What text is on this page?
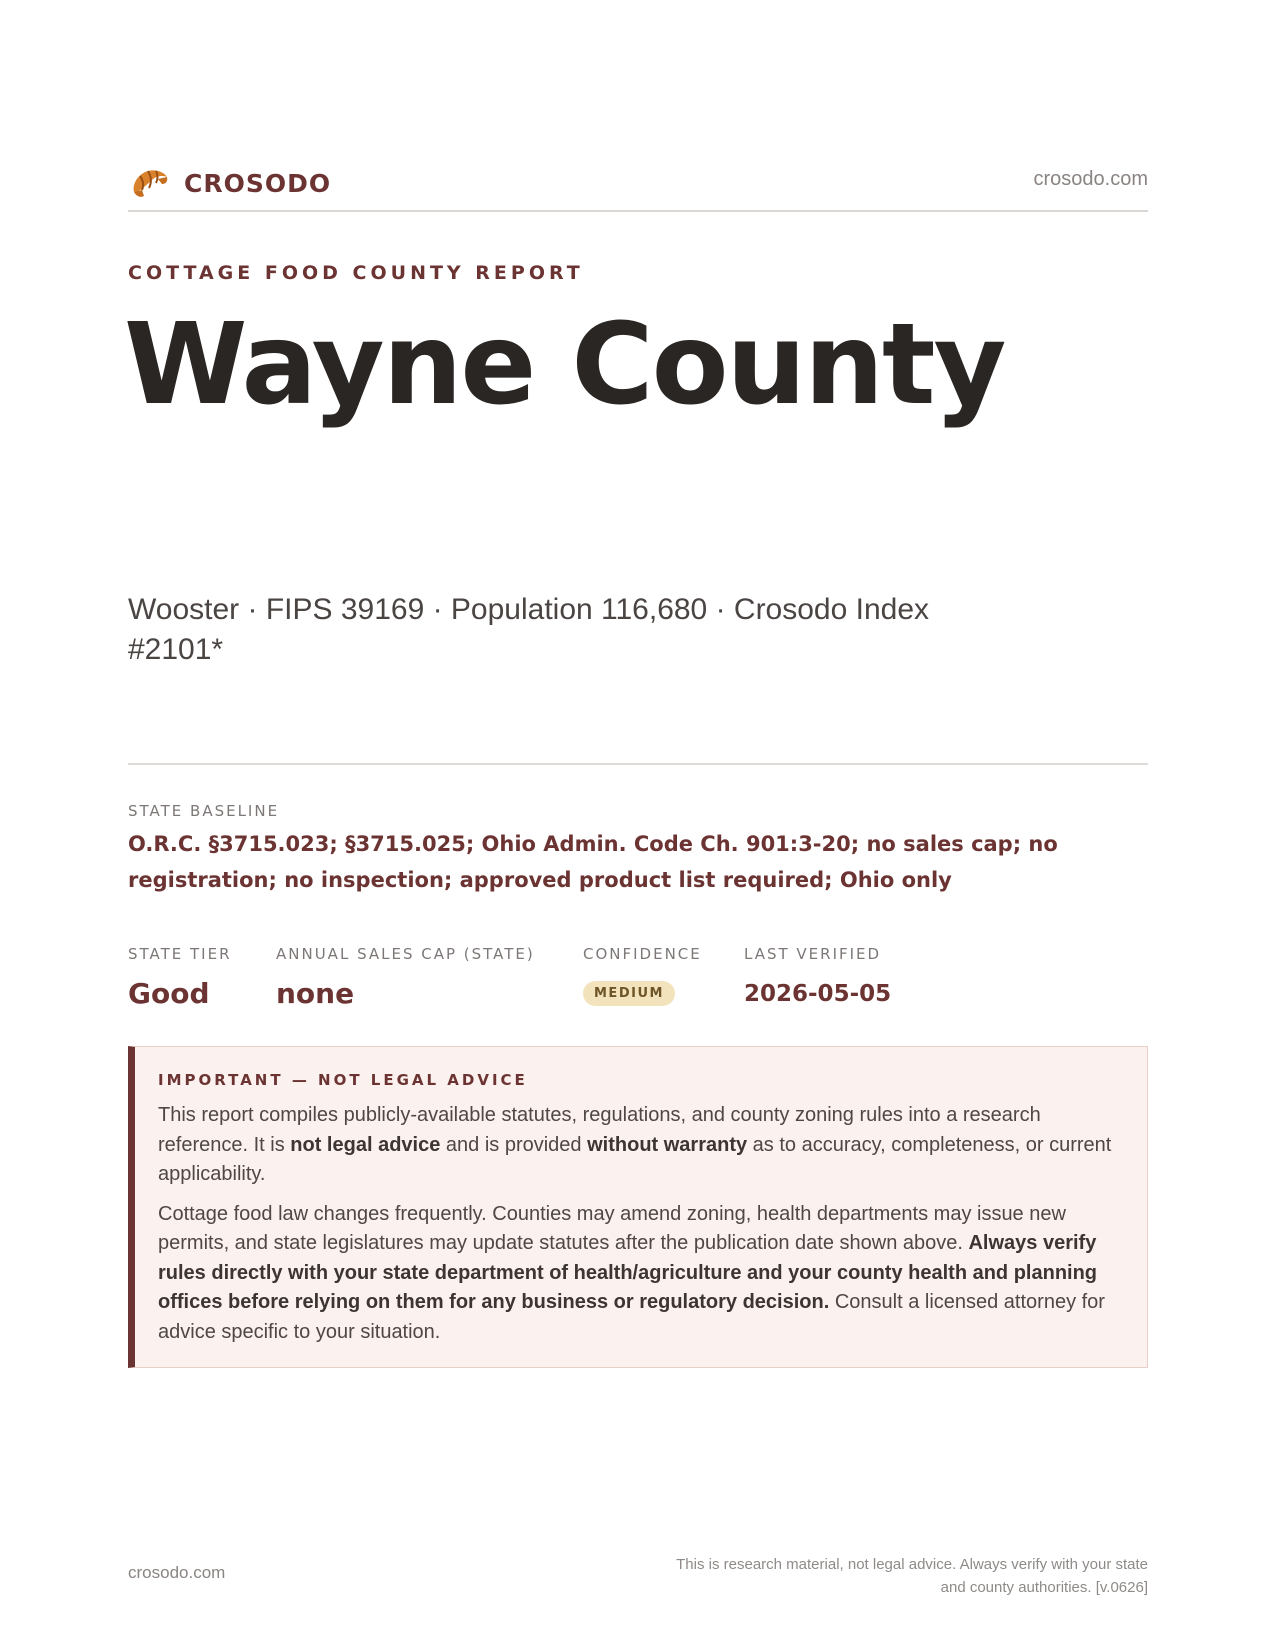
CROSODO	crosodo.com
COTTAGE FOOD COUNTY REPORT
Wayne County
Wooster · FIPS 39169 · Population 116,680 · Crosodo Index #2101*
STATE BASELINE
O.R.C. §3715.023; §3715.025; Ohio Admin. Code Ch. 901:3-20; no sales cap; no registration; no inspection; approved product list required; Ohio only
STATE TIER
Good
ANNUAL SALES CAP (STATE)
none
CONFIDENCE
MEDIUM
LAST VERIFIED
2026-05-05
IMPORTANT — NOT LEGAL ADVICE

This report compiles publicly-available statutes, regulations, and county zoning rules into a research reference. It is not legal advice and is provided without warranty as to accuracy, completeness, or current applicability.

Cottage food law changes frequently. Counties may amend zoning, health departments may issue new permits, and state legislatures may update statutes after the publication date shown above. Always verify rules directly with your state department of health/agriculture and your county health and planning offices before relying on them for any business or regulatory decision. Consult a licensed attorney for advice specific to your situation.

crosodo.com	This is research material, not legal advice. Always verify with your state
and county authorities. [v.0626]
